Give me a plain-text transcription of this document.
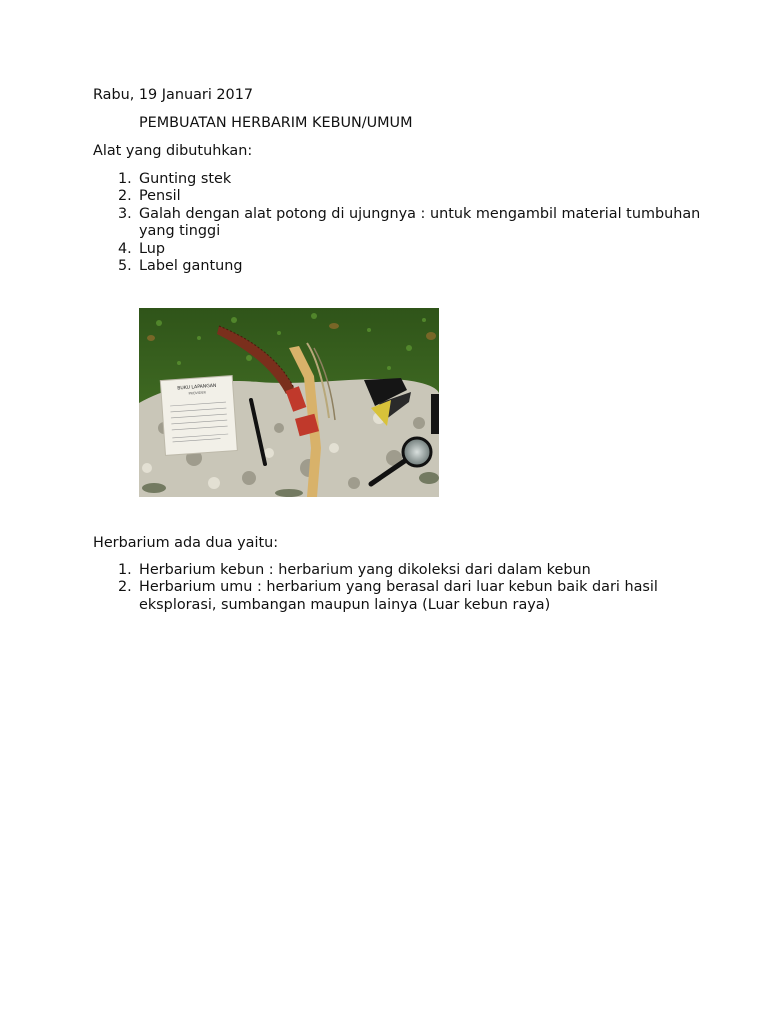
Rabu, 19 Januari 2017
PEMBUATAN HERBARIM KEBUN/UMUM
Alat yang dibutuhkan:
1. Gunting stek
2. Pensil
3. Galah dengan alat potong di ujungnya : untuk mengambil material tumbuhan yang tinggi
4. Lup
5. Label gantung
BUKU LAPANGAN
PROVIDER
Herbarium ada dua yaitu:
1. Herbarium kebun : herbarium yang dikoleksi dari dalam kebun
2. Herbarium umu : herbarium yang berasal dari luar kebun baik dari hasil eksplorasi, sumbangan maupun lainya (Luar kebun raya)
